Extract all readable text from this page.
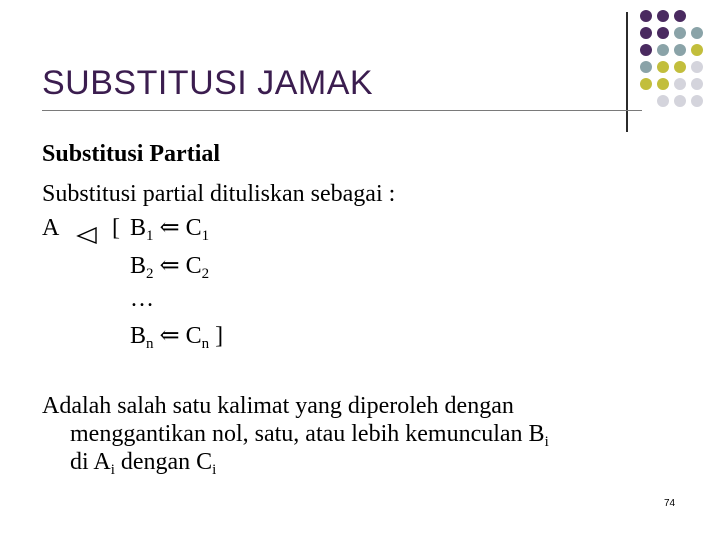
SUBSTITUSI JAMAK
Substitusi Partial
Substitusi partial dituliskan sebagai :
A [ $B_1$ ⇐ $C_1$
$B_2$ ⇐ $C_2$
…
$B_n$ ⇐ $C_n$ ]
Adalah salah satu kalimat yang diperoleh dengan
menggantikan nol, satu, atau lebih kemunculan $B_i$
di $A_i$ dengan $C_i$
74
